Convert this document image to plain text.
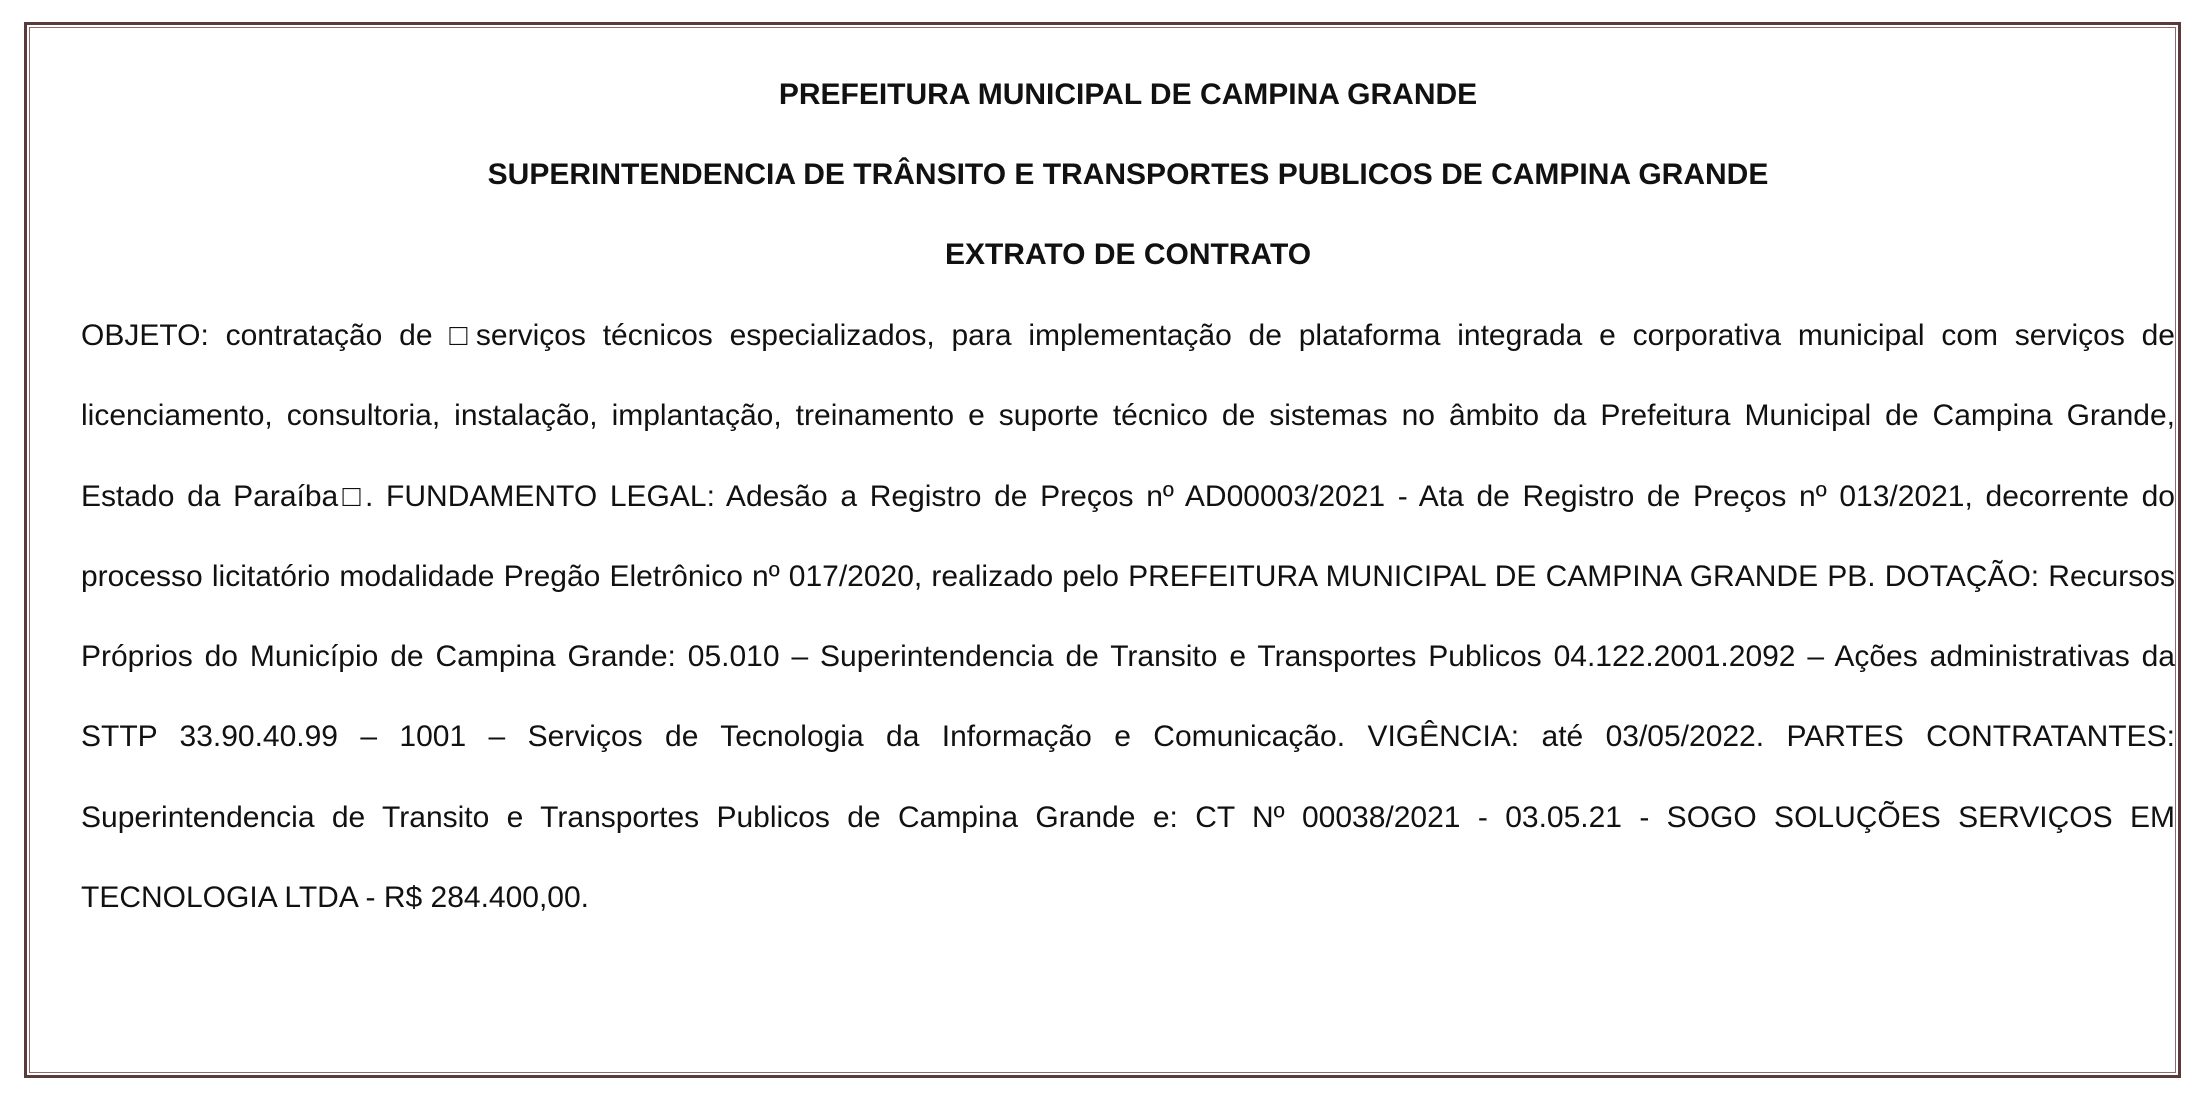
PREFEITURA MUNICIPAL DE CAMPINA GRANDE

SUPERINTENDENCIA DE TRÂNSITO E TRANSPORTES PUBLICOS DE CAMPINA GRANDE

EXTRATO DE CONTRATO

OBJETO: contratação de □serviços técnicos especializados, para implementação de plataforma integrada e corporativa municipal com serviços de licenciamento, consultoria, instalação, implantação, treinamento e suporte técnico de sistemas no âmbito da Prefeitura Municipal de Campina Grande, Estado da Paraíba□. FUNDAMENTO LEGAL: Adesão a Registro de Preços nº AD00003/2021 - Ata de Registro de Preços nº 013/2021, decorrente do processo licitatório modalidade Pregão Eletrônico nº 017/2020, realizado pelo PREFEITURA MUNICIPAL DE CAMPINA GRANDE PB. DOTAÇÃO: Recursos Próprios do Município de Campina Grande: 05.010 – Superintendencia de Transito e Transportes Publicos 04.122.2001.2092 – Ações administrativas da STTP 33.90.40.99 – 1001 – Serviços de Tecnologia da Informação e Comunicação. VIGÊNCIA: até 03/05/2022. PARTES CONTRATANTES: Superintendencia de Transito e Transportes Publicos de Campina Grande e: CT Nº 00038/2021 - 03.05.21 - SOGO SOLUÇÕES SERVIÇOS EM TECNOLOGIA LTDA - R$ 284.400,00.
